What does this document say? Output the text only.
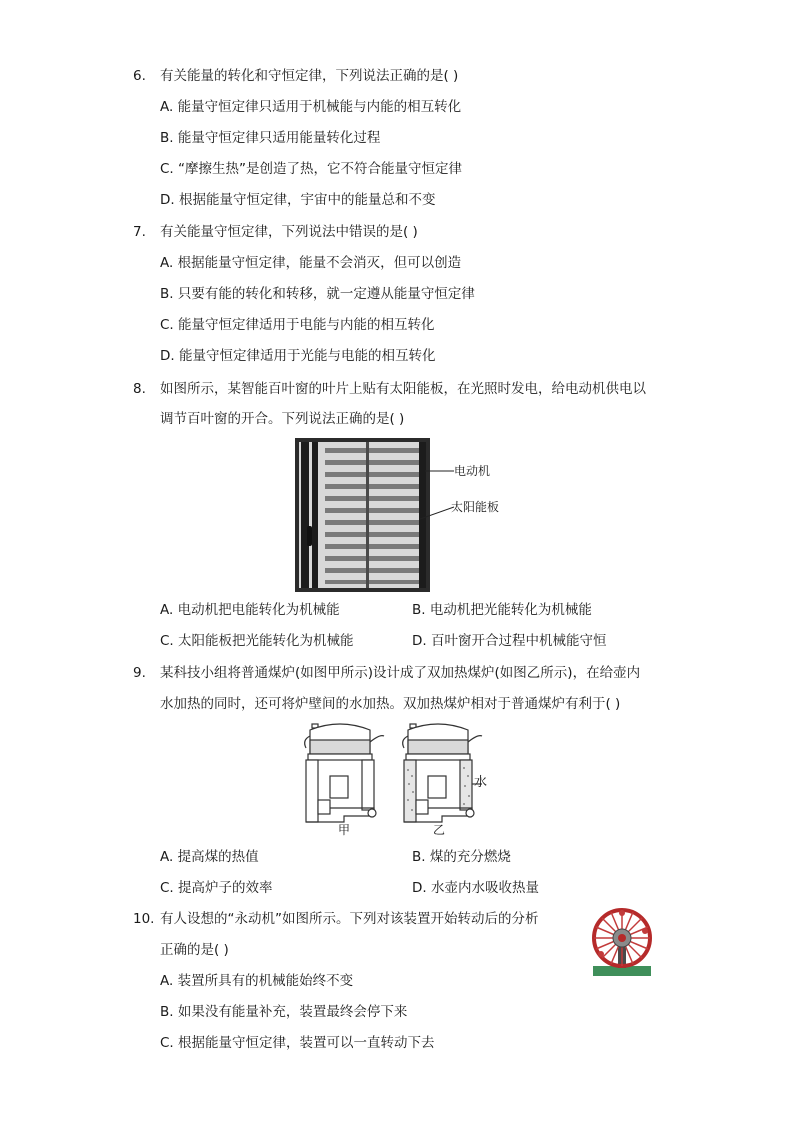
6. 有关能量的转化和守恒定律，下列说法正确的是( )
A. 能量守恒定律只适用于机械能与内能的相互转化
B. 能量守恒定律只适用能量转化过程
C. “摩擦生热”是创造了热，它不符合能量守恒定律
D. 根据能量守恒定律，宇宙中的能量总和不变
7. 有关能量守恒定律，下列说法中错误的是( )
A. 根据能量守恒定律，能量不会消灭，但可以创造
B. 只要有能的转化和转移，就一定遵从能量守恒定律
C. 能量守恒定律适用于电能与内能的相互转化
D. 能量守恒定律适用于光能与电能的相互转化
8. 如图所示，某智能百叶窗的叶片上贴有太阳能板，在光照时发电，给电动机供电以
调节百叶窗的开合。下列说法正确的是( )
电动机
太阳能板
A. 电动机把电能转化为机械能	B. 电动机把光能转化为机械能
C. 太阳能板把光能转化为机械能	D. 百叶窗开合过程中机械能守恒
9. 某科技小组将普通煤炉(如图甲所示)设计成了双加热煤炉(如图乙所示)，在给壶内
水加热的同时，还可将炉壁间的水加热。双加热煤炉相对于普通煤炉有利于( )
甲	乙
水
A. 提高煤的热值	B. 煤的充分燃烧
C. 提高炉子的效率	D. 水壶内水吸收热量
10. 有人设想的“永动机”如图所示。下列对该装置开始转动后的分析
正确的是( )
A. 装置所具有的机械能始终不变
B. 如果没有能量补充，装置最终会停下来
C. 根据能量守恒定律，装置可以一直转动下去
